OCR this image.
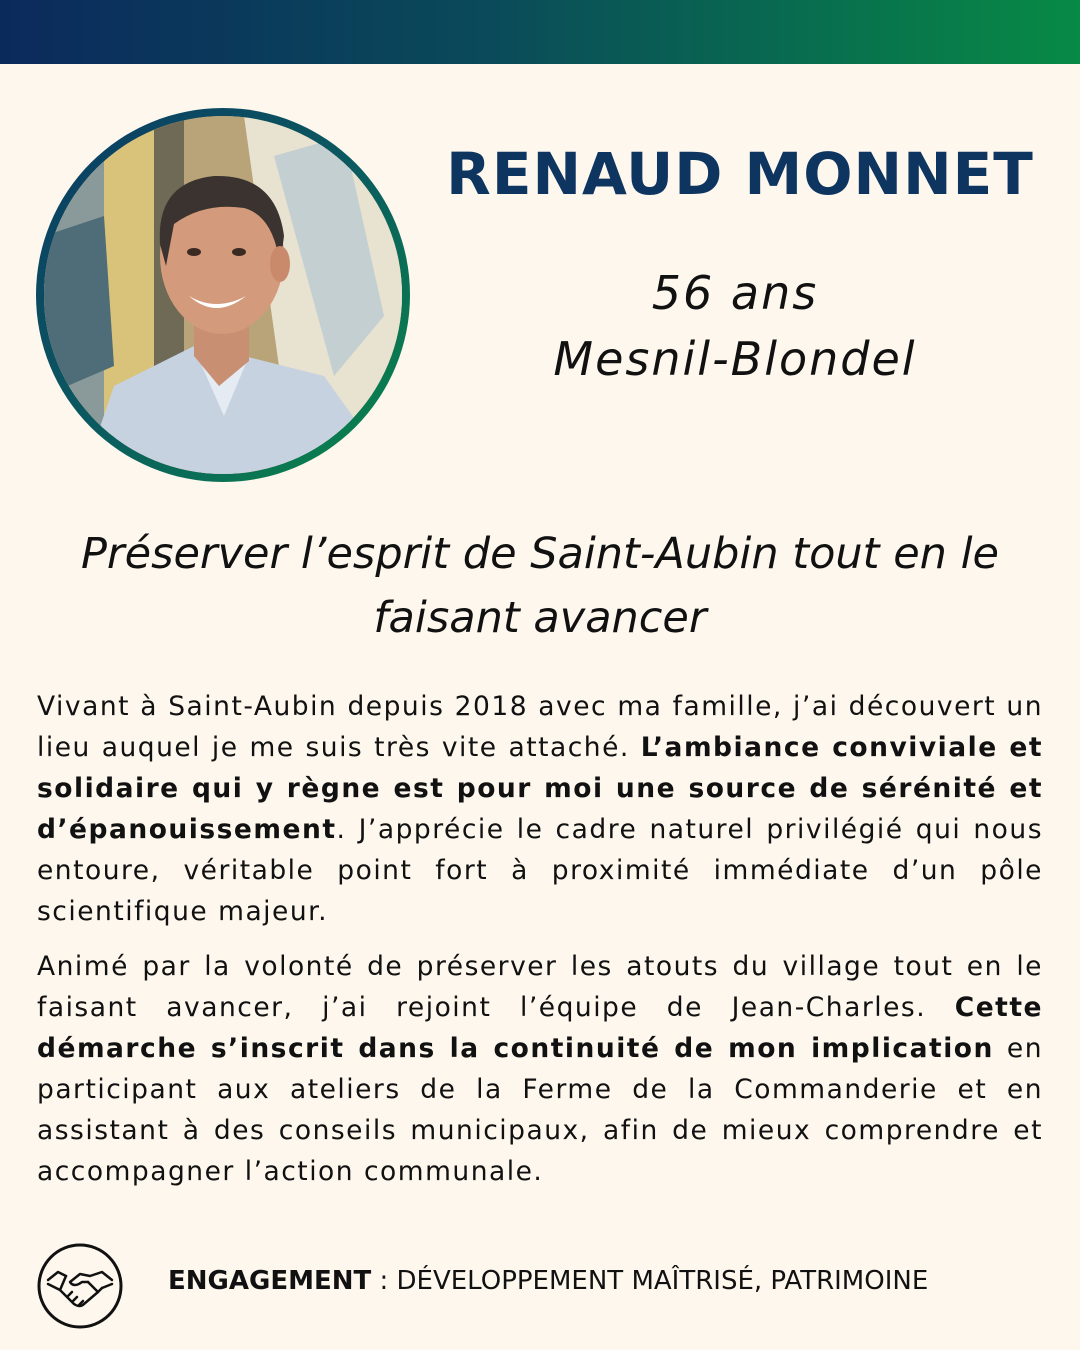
RENAUD MONNET
56 ans
Mesnil-Blondel
Préserver l’esprit de Saint-Aubin tout en le faisant avancer

Vivant à Saint-Aubin depuis 2018 avec ma famille, j’ai découvert un lieu auquel je me suis très vite attaché. L’ambiance conviviale et solidaire qui y règne est pour moi une source de sérénité et d’épanouissement. J’apprécie le cadre naturel privilégié qui nous entoure, véritable point fort à proximité immédiate d’un pôle scientifique majeur.

Animé par la volonté de préserver les atouts du village tout en le faisant avancer, j’ai rejoint l’équipe de Jean-Charles. Cette démarche s’inscrit dans la continuité de mon implication en participant aux ateliers de la Ferme de la Commanderie et en assistant à des conseils municipaux, afin de mieux comprendre et accompagner l’action communale.

ENGAGEMENT : DÉVELOPPEMENT MAÎTRISÉ, PATRIMOINE
